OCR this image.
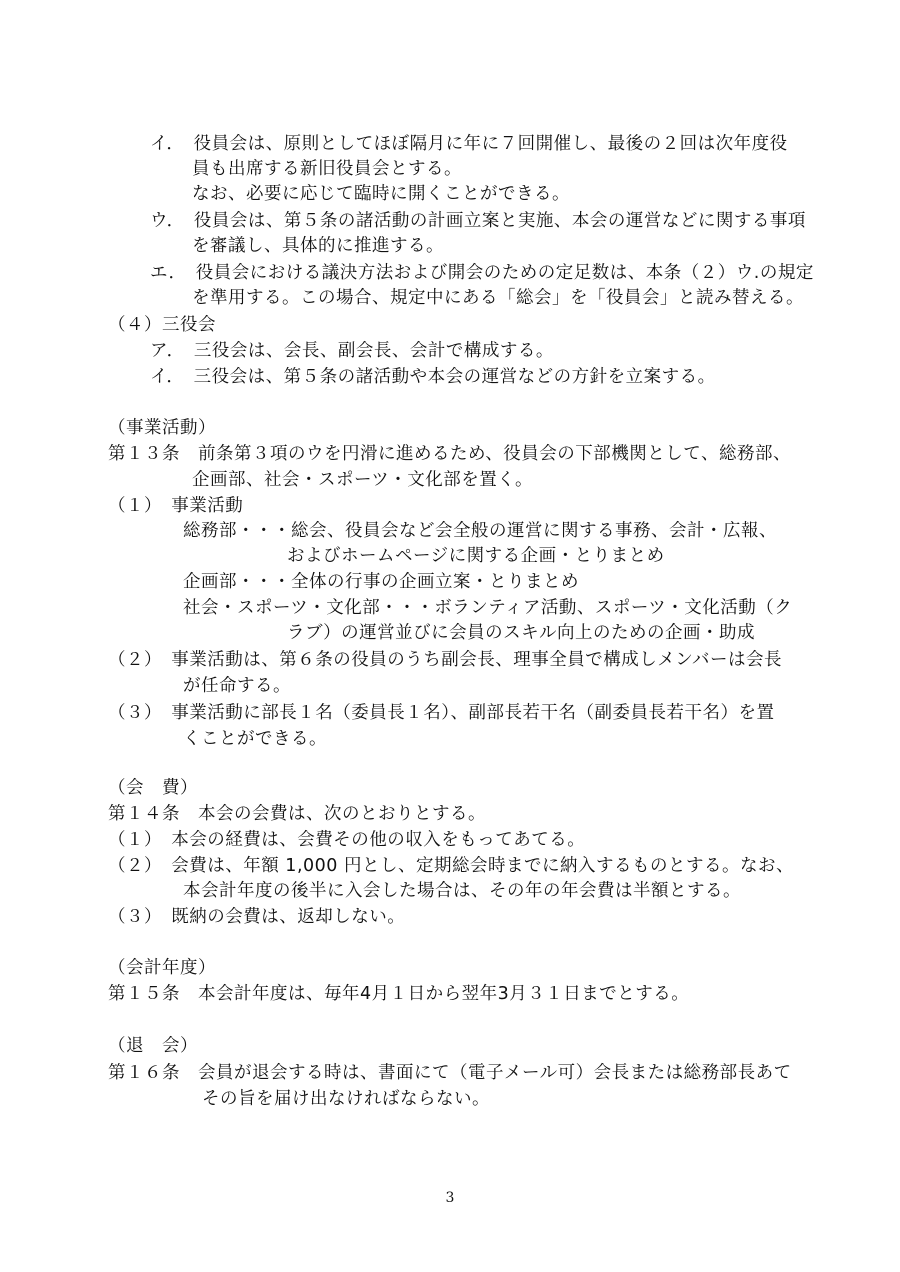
イ．　役員会は、原則としてほぼ隔月に年に７回開催し、最後の２回は次年度役
員も出席する新旧役員会とする。
なお、必要に応じて臨時に開くことができる。
ウ．　役員会は、第５条の諸活動の計画立案と実施、本会の運営などに関する事項
を審議し、具体的に推進する。
エ．　役員会における議決方法および開会のための定足数は、本条（２）ウ.の規定
を準用する。この場合、規定中にある「総会」を「役員会」と読み替える。
（４）三役会
ア．　三役会は、会長、副会長、会計で構成する。
イ．　三役会は、第５条の諸活動や本会の運営などの方針を立案する。
（事業活動）
第１３条　前条第３項のウを円滑に進めるため、役員会の下部機関として、総務部、
企画部、社会・スポーツ・文化部を置く。
（１）　事業活動
総務部・・・総会、役員会など会全般の運営に関する事務、会計・広報、
およびホームページに関する企画・とりまとめ
企画部・・・全体の行事の企画立案・とりまとめ
社会・スポーツ・文化部・・・ボランティア活動、スポーツ・文化活動（ク
ラブ）の運営並びに会員のスキル向上のための企画・助成
（２）　事業活動は、第６条の役員のうち副会長、理事全員で構成しメンバーは会長
が任命する。
（３）　事業活動に部長１名（委員長１名）、副部長若干名（副委員長若干名）を置
くことができる。
（会　費）
第１４条　本会の会費は、次のとおりとする。
（１）　本会の経費は、会費その他の収入をもってあてる。
（２）　会費は、年額 1,000 円とし、定期総会時までに納入するものとする。なお、
本会計年度の後半に入会した場合は、その年の年会費は半額とする。
（３）　既納の会費は、返却しない。
（会計年度）
第１５条　本会計年度は、毎年4月１日から翌年3月３１日までとする。
（退　会）
第１６条　会員が退会する時は、書面にて（電子メール可）会長または総務部長あて
その旨を届け出なければならない。
3
